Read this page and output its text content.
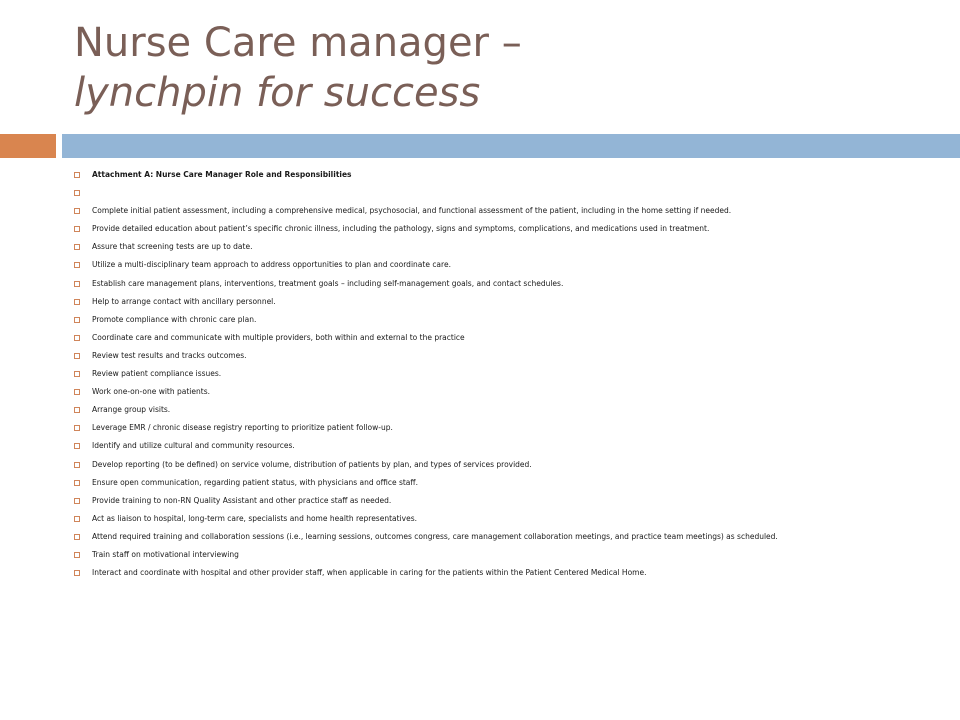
Nurse Care manager –
lynchpin for success
Attachment A: Nurse Care Manager Role and Responsibilities
Complete initial patient assessment, including a comprehensive medical, psychosocial, and functional assessment of the patient, including in the home setting if needed.
Provide detailed education about patient’s specific chronic illness, including the pathology, signs and symptoms, complications, and medications used in treatment.
Assure that screening tests are up to date.
Utilize a multi-disciplinary team approach to address opportunities to plan and coordinate care.
Establish care management plans, interventions, treatment goals – including self-management goals, and contact schedules.
Help to arrange contact with ancillary personnel.
Promote compliance with chronic care plan.
Coordinate care and communicate with multiple providers, both within and external to the practice
Review test results and tracks outcomes.
Review patient compliance issues.
Work one-on-one with patients.
Arrange group visits.
Leverage EMR / chronic disease registry reporting to prioritize patient follow-up.
Identify and utilize cultural and community resources.
Develop reporting (to be defined) on service volume, distribution of patients by plan, and types of services provided.
Ensure open communication, regarding patient status, with physicians and office staff.
Provide training to non-RN Quality Assistant and other practice staff as needed.
Act as liaison to hospital, long-term care, specialists and home health representatives.
Attend required training and collaboration sessions (i.e., learning sessions, outcomes congress, care management collaboration meetings, and practice team meetings) as scheduled.
Train staff on motivational interviewing
Interact and coordinate with hospital and other provider staff, when applicable in caring for the patients within the Patient Centered Medical Home.
